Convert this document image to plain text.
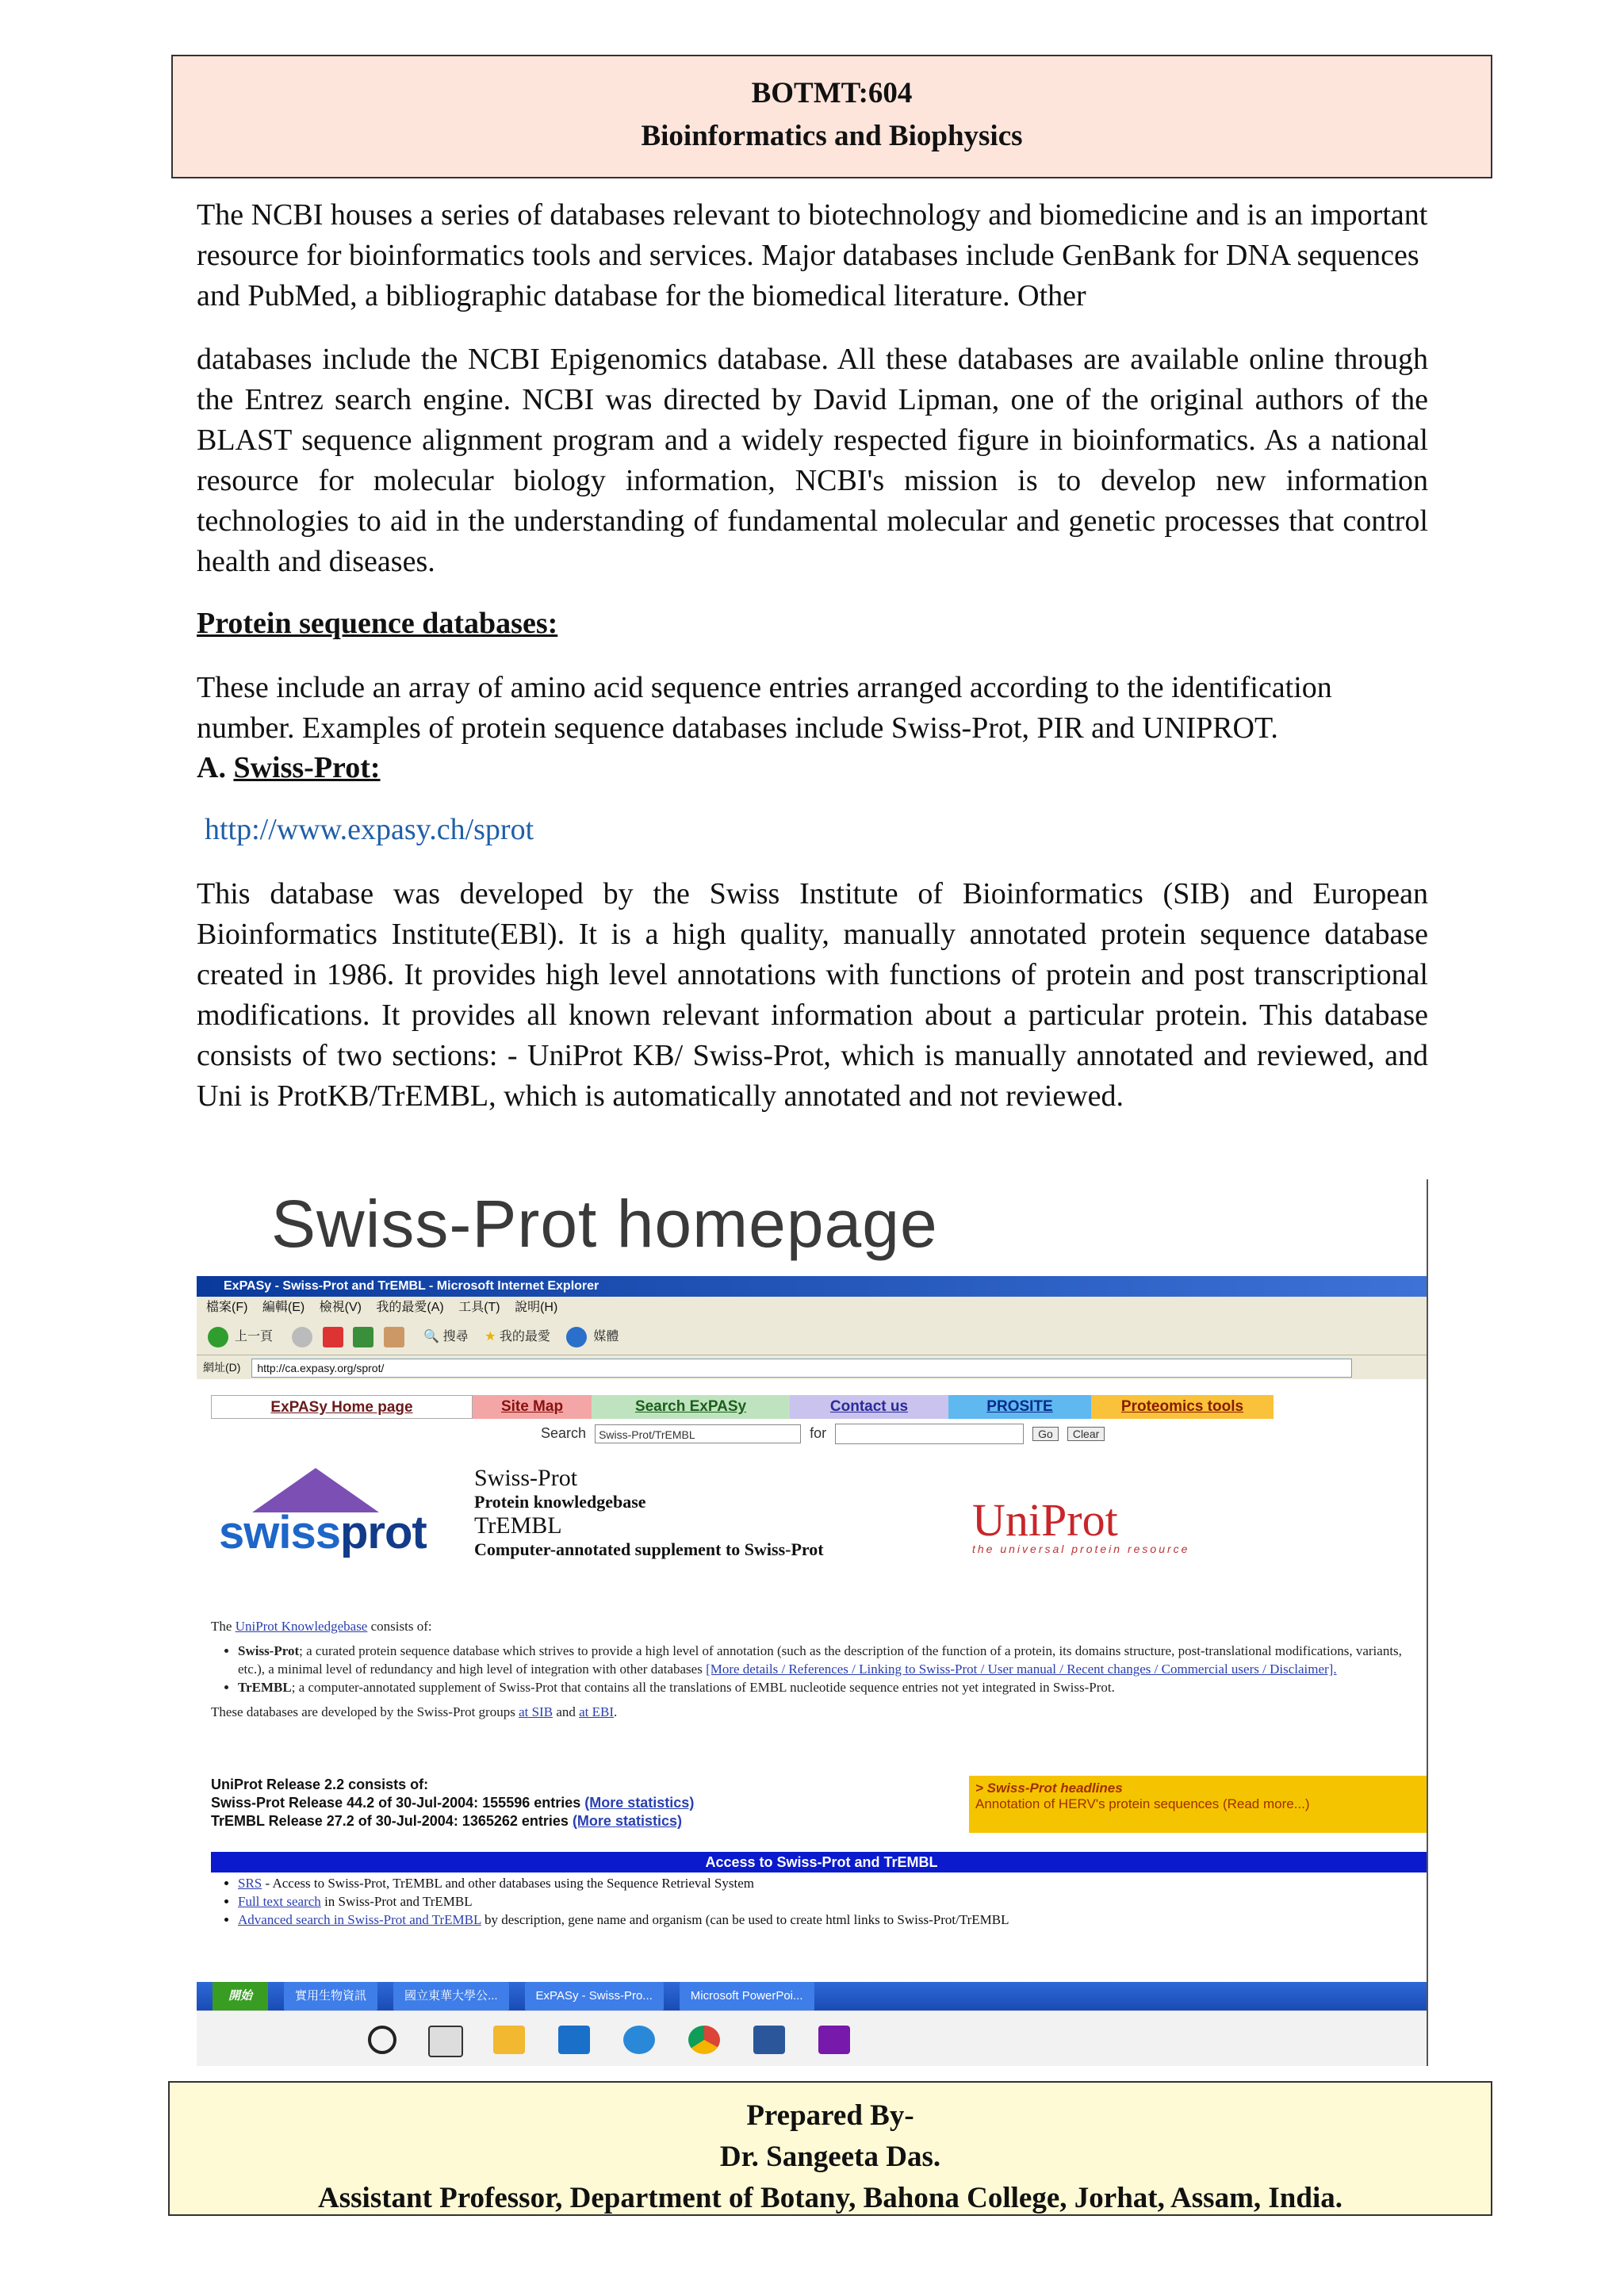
BOTMT:604
Bioinformatics and Biophysics
The NCBI houses a series of databases relevant to biotechnology and biomedicine and is an important resource for bioinformatics tools and services. Major databases include GenBank for DNA sequences and PubMed, a bibliographic database for the biomedical literature. Other
databases include the NCBI Epigenomics database. All these databases are available online through the Entrez search engine. NCBI was directed by David Lipman, one of the original authors of the BLAST sequence alignment program and a widely respected figure in bioinformatics. As a national resource for molecular biology information, NCBI's mission is to develop new information technologies to aid in the understanding of fundamental molecular and genetic processes that control health and diseases.
Protein sequence databases:
These include an array of amino acid sequence entries arranged according to the identification number. Examples of protein sequence databases include Swiss-Prot, PIR and UNIPROT.
A. Swiss-Prot:
http://www.expasy.ch/sprot
This database was developed by the Swiss Institute of Bioinformatics (SIB) and European Bioinformatics Institute(EBl). It is a high quality, manually annotated protein sequence database created in 1986. It provides high level annotations with functions of protein and post transcriptional modifications. It provides all known relevant information about a particular protein. This database consists of two sections: - UniProt KB/ Swiss-Prot, which is manually annotated and reviewed, and Uni is ProtKB/TrEMBL, which is automatically annotated and not reviewed.
Swiss-Prot homepage
ExPASy - Swiss-Prot and TrEMBL - Microsoft Internet Explorer
檔案(F) 編輯(E) 檢視(V) 我的最愛(A) 工具(T) 說明(H)
上一頁	🔍 搜尋 ★ 我的最愛	媒體
網址(D) http://ca.expasy.org/sprot/
ExPASy Home page	Site Map	Search ExPASy	Contact us	PROSITE	Proteomics tools
Search Swiss-Prot/TrEMBL	for	Go Clear
swissprot
Swiss-Prot
Protein knowledgebase
TrEMBL
Computer-annotated supplement to Swiss-Prot
UniProt
the universal protein resource
The UniProt Knowledgebase consists of:
• Swiss-Prot; a curated protein sequence database which strives to provide a high level of annotation (such as the description of the function of a protein, its domains structure, post-translational modifications, variants, etc.), a minimal level of redundancy and high level of integration with other databases [More details / References / Linking to Swiss-Prot / User manual / Recent changes / Commercial users / Disclaimer].
• TrEMBL; a computer-annotated supplement of Swiss-Prot that contains all the translations of EMBL nucleotide sequence entries not yet integrated in Swiss-Prot.
These databases are developed by the Swiss-Prot groups at SIB and at EBI.
UniProt Release 2.2 consists of:
Swiss-Prot Release 44.2 of 30-Jul-2004: 155596 entries (More statistics)
TrEMBL Release 27.2 of 30-Jul-2004: 1365262 entries (More statistics)
> Swiss-Prot headlines
Annotation of HERV's protein sequences (Read more...)
Access to Swiss-Prot and TrEMBL
• SRS - Access to Swiss-Prot, TrEMBL and other databases using the Sequence Retrieval System
• Full text search in Swiss-Prot and TrEMBL
• Advanced search in Swiss-Prot and TrEMBL by description, gene name and organism (can be used to create html links to Swiss-Prot/TrEMBL
開始	實用生物資訊	國立東華大學公...	ExPASy - Swiss-Pro...	Microsoft PowerPoi...
Prepared By-
Dr. Sangeeta Das.
Assistant Professor, Department of Botany, Bahona College, Jorhat, Assam, India.
